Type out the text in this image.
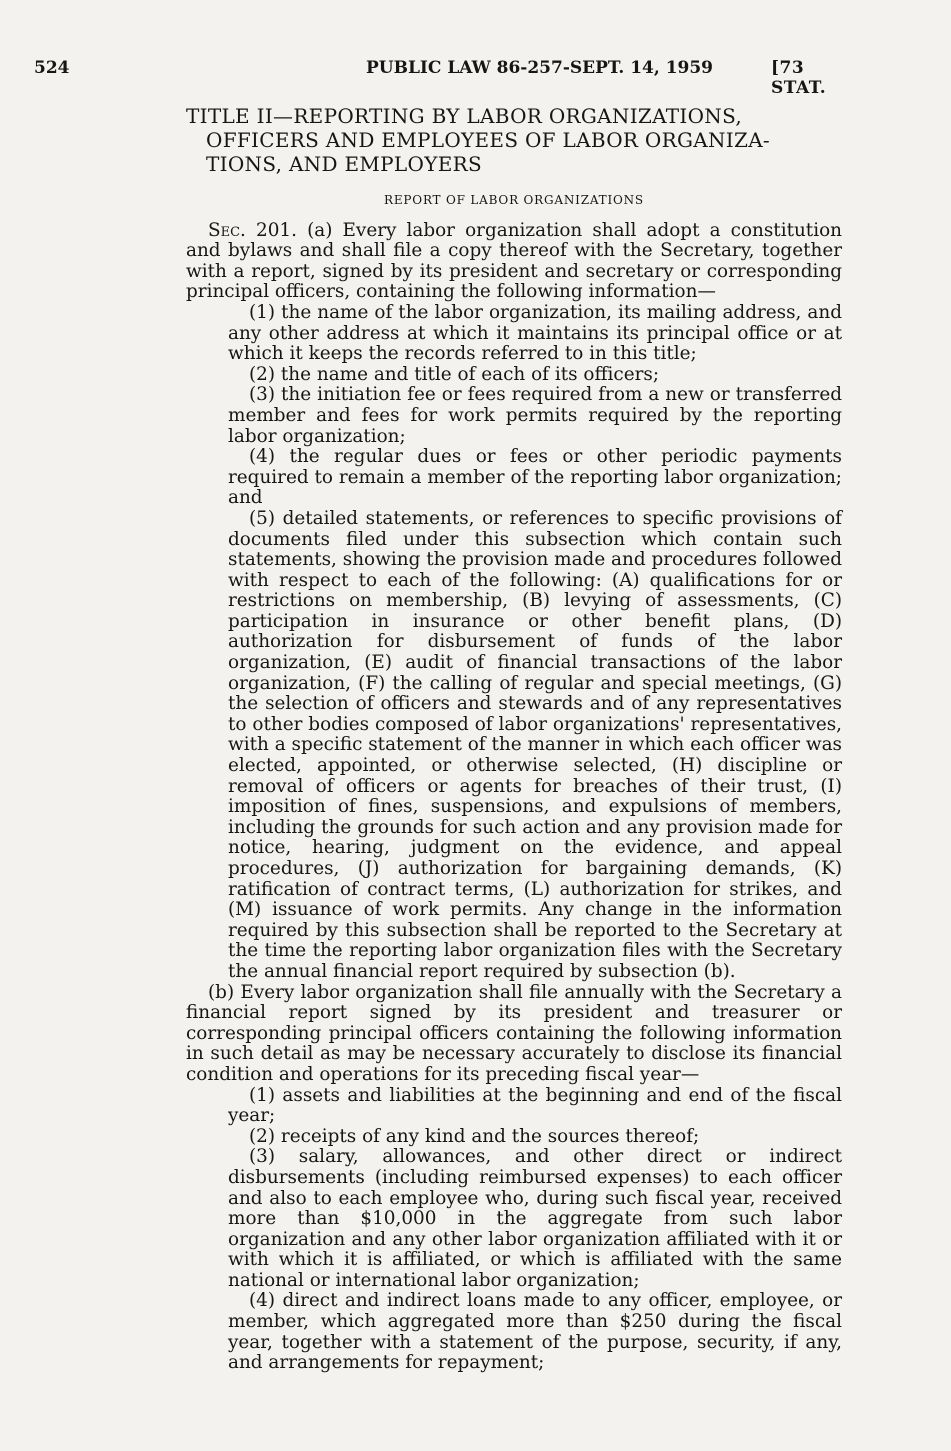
524	PUBLIC LAW 86-257-SEPT. 14, 1959	[73 STAT.
TITLE II—REPORTING BY LABOR ORGANIZATIONS,
OFFICERS AND EMPLOYEES OF LABOR ORGANIZA-
TIONS, AND EMPLOYERS
REPORT OF LABOR ORGANIZATIONS

Sec. 201. (a) Every labor organization shall adopt a constitution and bylaws and shall file a copy thereof with the Secretary, together with a report, signed by its president and secretary or corresponding principal officers, containing the following information—

(1) the name of the labor organization, its mailing address, and any other address at which it maintains its principal office or at which it keeps the records referred to in this title;

(2) the name and title of each of its officers;

(3) the initiation fee or fees required from a new or transferred member and fees for work permits required by the reporting labor organization;

(4) the regular dues or fees or other periodic payments required to remain a member of the reporting labor organization; and

(5) detailed statements, or references to specific provisions of documents filed under this subsection which contain such statements, showing the provision made and procedures followed with respect to each of the following: (A) qualifications for or restrictions on membership, (B) levying of assessments, (C) participation in insurance or other benefit plans, (D) authorization for disbursement of funds of the labor organization, (E) audit of financial transactions of the labor organization, (F) the calling of regular and special meetings, (G) the selection of officers and stewards and of any representatives to other bodies composed of labor organizations' representatives, with a specific statement of the manner in which each officer was elected, appointed, or otherwise selected, (H) discipline or removal of officers or agents for breaches of their trust, (I) imposition of fines, suspensions, and expulsions of members, including the grounds for such action and any provision made for notice, hearing, judgment on the evidence, and appeal procedures, (J) authorization for bargaining demands, (K) ratification of contract terms, (L) authorization for strikes, and (M) issuance of work permits. Any change in the information required by this subsection shall be reported to the Secretary at the time the reporting labor organization files with the Secretary the annual financial report required by subsection (b).

(b) Every labor organization shall file annually with the Secretary a financial report signed by its president and treasurer or corresponding principal officers containing the following information in such detail as may be necessary accurately to disclose its financial condition and operations for its preceding fiscal year—

(1) assets and liabilities at the beginning and end of the fiscal year;

(2) receipts of any kind and the sources thereof;

(3) salary, allowances, and other direct or indirect disbursements (including reimbursed expenses) to each officer and also to each employee who, during such fiscal year, received more than $10,000 in the aggregate from such labor organization and any other labor organization affiliated with it or with which it is affiliated, or which is affiliated with the same national or international labor organization;

(4) direct and indirect loans made to any officer, employee, or member, which aggregated more than $250 during the fiscal year, together with a statement of the purpose, security, if any, and arrangements for repayment;
